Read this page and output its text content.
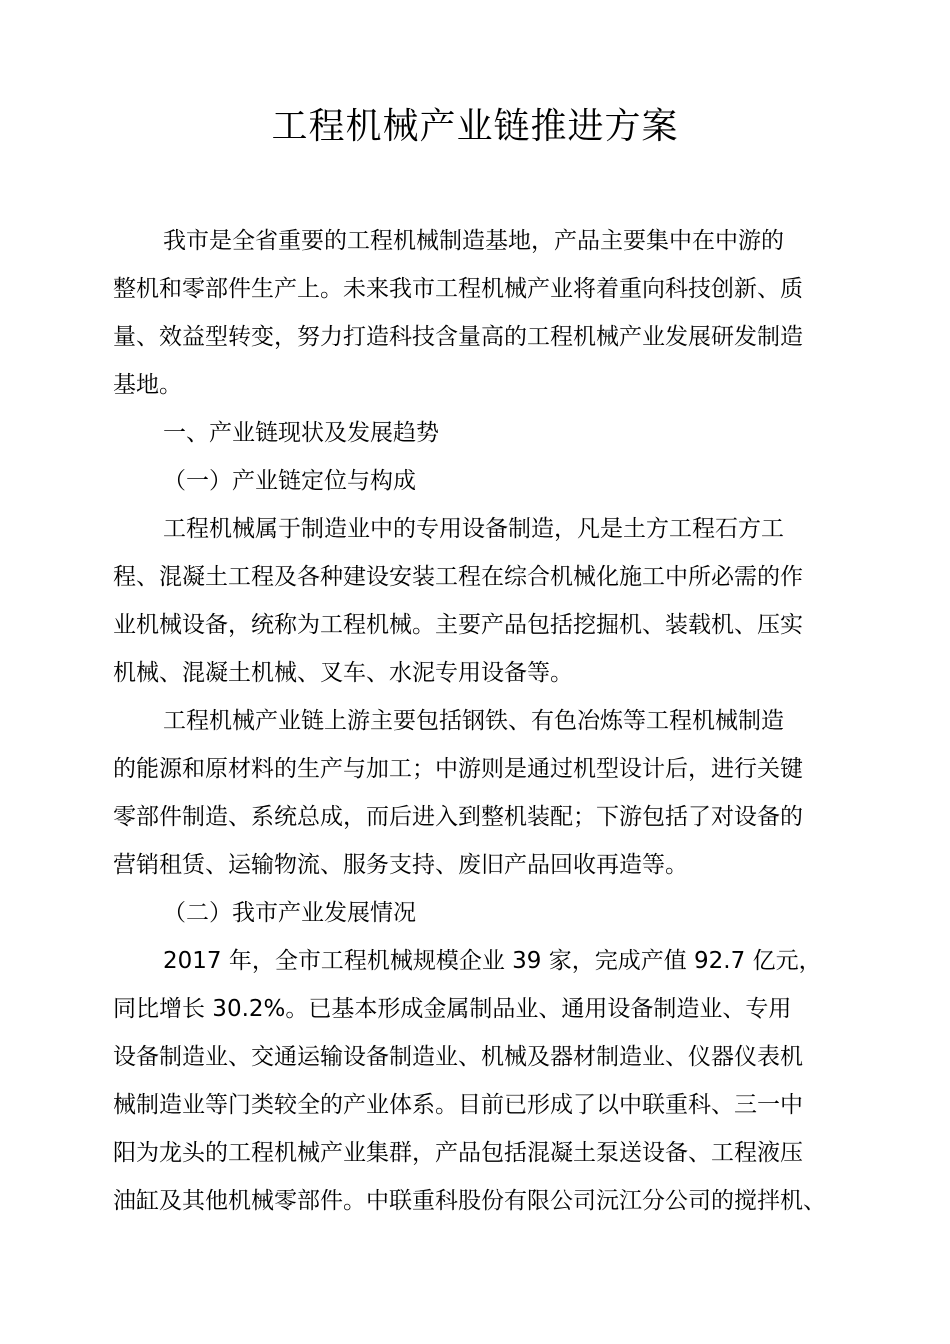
工程机械产业链推进方案

我市是全省重要的工程机械制造基地，产品主要集中在中游的

整机和零部件生产上。未来我市工程机械产业将着重向科技创新、质

量、效益型转变，努力打造科技含量高的工程机械产业发展研发制造

基地。

一、产业链现状及发展趋势

（一）产业链定位与构成

工程机械属于制造业中的专用设备制造，凡是土方工程石方工

程、混凝土工程及各种建设安装工程在综合机械化施工中所必需的作

业机械设备，统称为工程机械。主要产品包括挖掘机、装载机、压实

机械、混凝土机械、叉车、水泥专用设备等。

工程机械产业链上游主要包括钢铁、有色冶炼等工程机械制造

的能源和原材料的生产与加工；中游则是通过机型设计后，进行关键

零部件制造、系统总成，而后进入到整机装配；下游包括了对设备的

营销租赁、运输物流、服务支持、废旧产品回收再造等。

（二）我市产业发展情况

2017 年，全市工程机械规模企业 39 家，完成产值 92.7 亿元，

同比增长 30.2%。已基本形成金属制品业、通用设备制造业、专用

设备制造业、交通运输设备制造业、机械及器材制造业、仪器仪表机

械制造业等门类较全的产业体系。目前已形成了以中联重科、三一中

阳为龙头的工程机械产业集群，产品包括混凝土泵送设备、工程液压

油缸及其他机械零部件。中联重科股份有限公司沅江分公司的搅拌机、
